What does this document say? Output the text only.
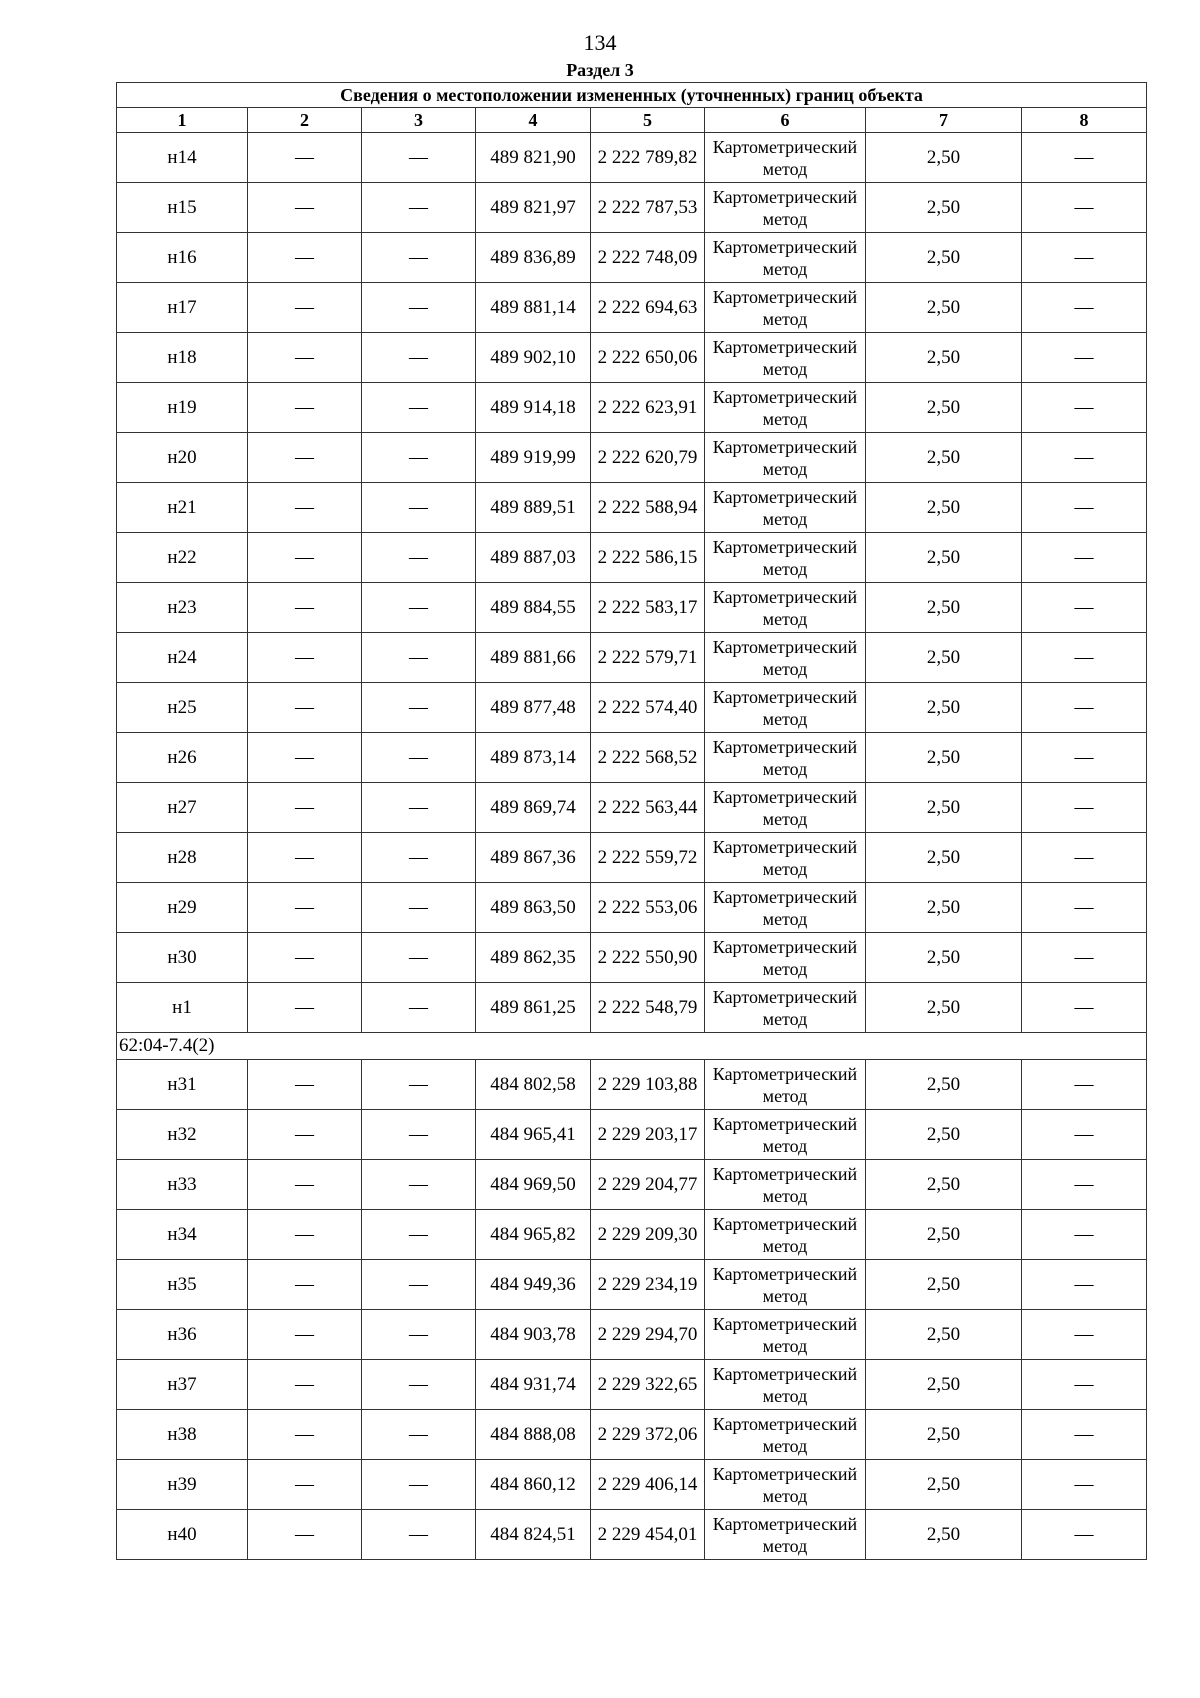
134
Раздел 3
Сведения о местоположении измененных (уточненных) границ объекта							
1	2	3	4	5	6	7	8
н14	—	—	489 821,90	2 222 789,82	Картометрический метод	2,50	—
н15	—	—	489 821,97	2 222 787,53	Картометрический метод	2,50	—
н16	—	—	489 836,89	2 222 748,09	Картометрический метод	2,50	—
н17	—	—	489 881,14	2 222 694,63	Картометрический метод	2,50	—
н18	—	—	489 902,10	2 222 650,06	Картометрический метод	2,50	—
н19	—	—	489 914,18	2 222 623,91	Картометрический метод	2,50	—
н20	—	—	489 919,99	2 222 620,79	Картометрический метод	2,50	—
н21	—	—	489 889,51	2 222 588,94	Картометрический метод	2,50	—
н22	—	—	489 887,03	2 222 586,15	Картометрический метод	2,50	—
н23	—	—	489 884,55	2 222 583,17	Картометрический метод	2,50	—
н24	—	—	489 881,66	2 222 579,71	Картометрический метод	2,50	—
н25	—	—	489 877,48	2 222 574,40	Картометрический метод	2,50	—
н26	—	—	489 873,14	2 222 568,52	Картометрический метод	2,50	—
н27	—	—	489 869,74	2 222 563,44	Картометрический метод	2,50	—
н28	—	—	489 867,36	2 222 559,72	Картометрический метод	2,50	—
н29	—	—	489 863,50	2 222 553,06	Картометрический метод	2,50	—
н30	—	—	489 862,35	2 222 550,90	Картометрический метод	2,50	—
н1	—	—	489 861,25	2 222 548,79	Картометрический метод	2,50	—
62:04-7.4(2)							
н31	—	—	484 802,58	2 229 103,88	Картометрический метод	2,50	—
н32	—	—	484 965,41	2 229 203,17	Картометрический метод	2,50	—
н33	—	—	484 969,50	2 229 204,77	Картометрический метод	2,50	—
н34	—	—	484 965,82	2 229 209,30	Картометрический метод	2,50	—
н35	—	—	484 949,36	2 229 234,19	Картометрический метод	2,50	—
н36	—	—	484 903,78	2 229 294,70	Картометрический метод	2,50	—
н37	—	—	484 931,74	2 229 322,65	Картометрический метод	2,50	—
н38	—	—	484 888,08	2 229 372,06	Картометрический метод	2,50	—
н39	—	—	484 860,12	2 229 406,14	Картометрический метод	2,50	—
н40	—	—	484 824,51	2 229 454,01	Картометрический метод	2,50	—
